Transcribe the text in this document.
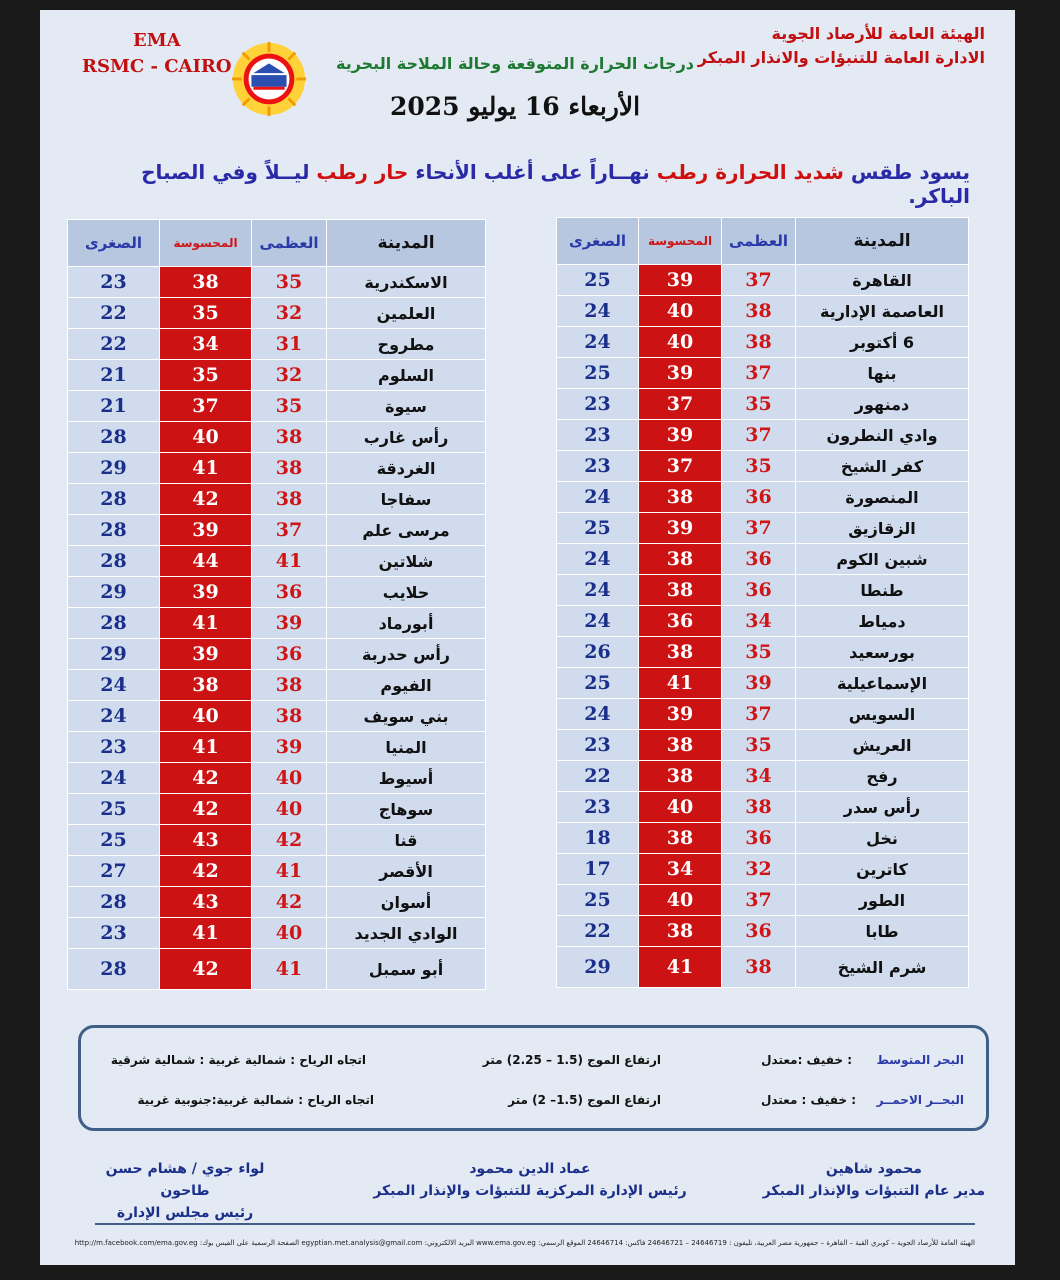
EMA
RSMC - CAIRO	درجات الحرارة المتوقعة وحالة الملاحة البحرية
الأربعاء 16 يوليو 2025
الهيئة العامة للأرصاد الجوية
الادارة العامة للتنبؤات والانذار المبكر
يسود طقس شديد الحرارة رطب نهــاراً على أغلب الأنحاء حار رطب ليــلاً وفي الصباح الباكر.
المدينة	العظمى	المحسوسة	الصغرى
القاهرة	37	39	25
العاصمة الإدارية	38	40	24
6 أكتوبر	38	40	24
بنها	37	39	25
دمنهور	35	37	23
وادي النطرون	37	39	23
كفر الشيخ	35	37	23
المنصورة	36	38	24
الزقازيق	37	39	25
شبين الكوم	36	38	24
طنطا	36	38	24
دمياط	34	36	24
بورسعيد	35	38	26
الإسماعيلية	39	41	25
السويس	37	39	24
العريش	35	38	23
رفح	34	38	22
رأس سدر	38	40	23
نخل	36	38	18
كاترين	32	34	17
الطور	37	40	25
طابا	36	38	22
شرم الشيخ	38	41	29
المدينة	العظمى	المحسوسة	الصغرى
الاسكندرية	35	38	23
العلمين	32	35	22
مطروح	31	34	22
السلوم	32	35	21
سيوة	35	37	21
رأس غارب	38	40	28
الغردقة	38	41	29
سفاجا	38	42	28
مرسى علم	37	39	28
شلاتين	41	44	28
حلايب	36	39	29
أبورماد	39	41	28
رأس حدربة	36	39	29
الفيوم	38	38	24
بني سويف	38	40	24
المنيا	39	41	23
أسيوط	40	42	24
سوهاج	40	42	25
قنا	42	43	25
الأقصر	41	42	27
أسوان	42	43	28
الوادي الجديد	40	41	23
أبو سمبل	41	42	28
البحر المتوسط
: خفيف :معتدل
ارتفاع الموج (1.5 – 2.25) متر
اتجاه الرياح : شمالية غربية : شمالية شرقية
البحــر الاحمــر
: خفيف : معتدل
ارتفاع الموج (1.5– 2) متر
اتجاه الرياح : شمالية غربية:جنوبية غربية
محمود شاهين
مدير عام التنبؤات والإنذار المبكر
عماد الدين محمود
رئيس الإدارة المركزية للتنبؤات والإنذار المبكر
لواء جوي / هشام حسن طاحون
رئيس مجلس الإدارة
الهيئة العامة للأرصاد الجوية – كوبري القبة – القاهرة – جمهورية مصر العربية، تليفون : 24646719 – 24646721 فاكس: 24646714 الموقع الرسمي: www.ema.gov.eg البريد الالكتروني: egyptian.met.analysis@gmail.com الصفحة الرسمية على الفيس بوك: http://m.facebook.com/ema.gov.eg
